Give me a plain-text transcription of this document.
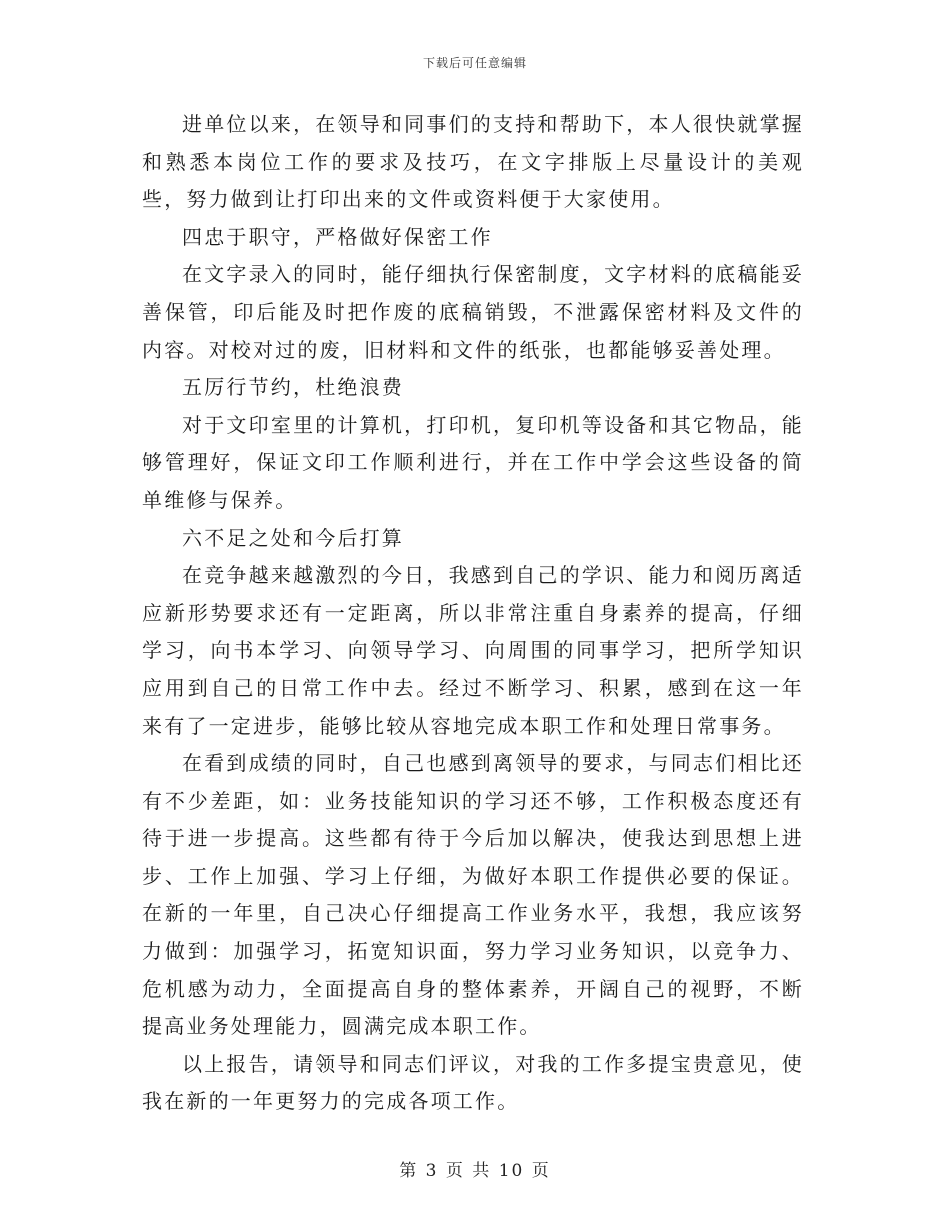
下载后可任意编辑

进单位以来，在领导和同事们的支持和帮助下，本人很快就掌握和熟悉本岗位工作的要求及技巧，在文字排版上尽量设计的美观些，努力做到让打印出来的文件或资料便于大家使用。

四忠于职守，严格做好保密工作

在文字录入的同时，能仔细执行保密制度，文字材料的底稿能妥善保管，印后能及时把作废的底稿销毁，不泄露保密材料及文件的内容。对校对过的废，旧材料和文件的纸张，也都能够妥善处理。

五厉行节约，杜绝浪费

对于文印室里的计算机，打印机，复印机等设备和其它物品，能够管理好，保证文印工作顺利进行，并在工作中学会这些设备的简单维修与保养。

六不足之处和今后打算

在竞争越来越激烈的今日，我感到自己的学识、能力和阅历离适应新形势要求还有一定距离，所以非常注重自身素养的提高，仔细学习，向书本学习、向领导学习、向周围的同事学习，把所学知识应用到自己的日常工作中去。经过不断学习、积累，感到在这一年来有了一定进步，能够比较从容地完成本职工作和处理日常事务。

在看到成绩的同时，自己也感到离领导的要求，与同志们相比还有不少差距，如：业务技能知识的学习还不够，工作积极态度还有待于进一步提高。这些都有待于今后加以解决，使我达到思想上进步、工作上加强、学习上仔细，为做好本职工作提供必要的保证。 在新的一年里，自己决心仔细提高工作业务水平，我想，我应该努力做到：加强学习，拓宽知识面，努力学习业务知识，以竞争力、危机感为动力，全面提高自身的整体素养，开阔自己的视野，不断提高业务处理能力，圆满完成本职工作。

以上报告，请领导和同志们评议，对我的工作多提宝贵意见，使我在新的一年更努力的完成各项工作。

第 3 页 共 10 页
